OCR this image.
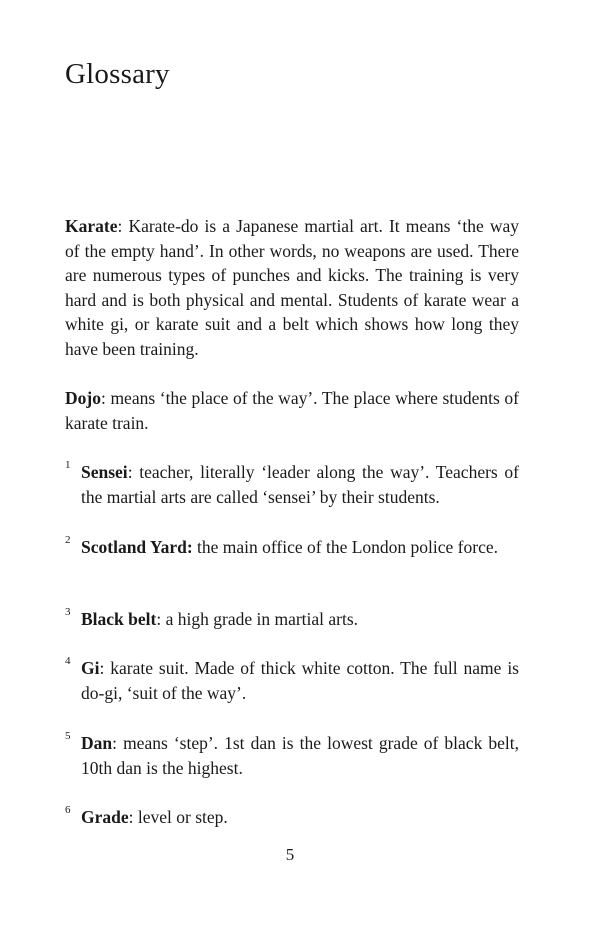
Glossary

Karate: Karate-do is a Japanese martial art. It means ‘the way of the empty hand’. In other words, no weapons are used. There are numerous types of punches and kicks. The training is very hard and is both physical and mental. Students of karate wear a white gi, or karate suit and a belt which shows how long they have been training.

Dojo: means ‘the place of the way’. The place where students of karate train.

1 Sensei: teacher, literally ‘leader along the way’. Teachers of the martial arts are called ‘sensei’ by their students.

2 Scotland Yard: the main office of the London police force.

3 Black belt: a high grade in martial arts.

4 Gi: karate suit. Made of thick white cotton. The full name is do-gi, ‘suit of the way’.

5 Dan: means ‘step’. 1st dan is the lowest grade of black belt, 10th dan is the highest.

6 Grade: level or step.

5
